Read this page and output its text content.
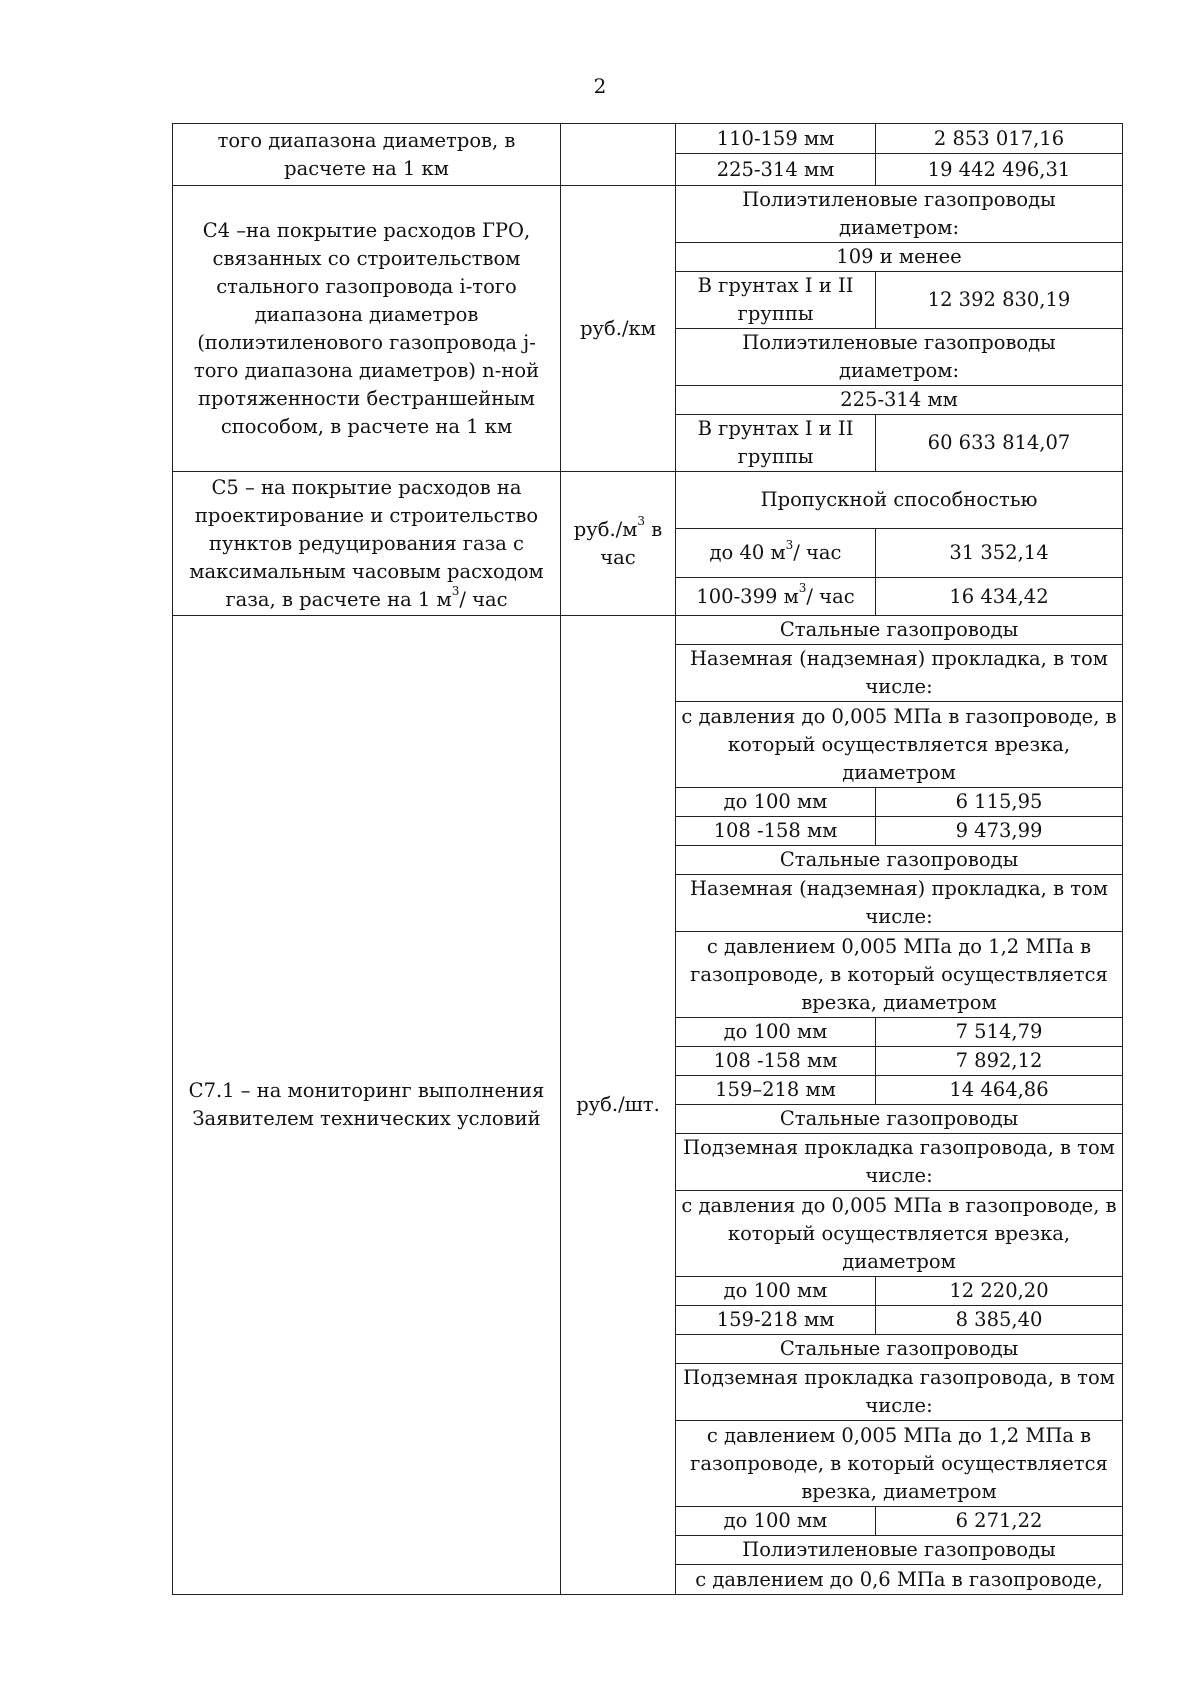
2
того диапазона диаметров, в расчете на 1 км		110-159 мм	2 853 017,16
		225-314 мм	19 442 496,31
С4 –на покрытие расходов ГРО, связанных со строительством стального газопровода i-того диапазона диаметров (полиэтиленового газопровода j-того диапазона диаметров) n-ной протяженности бестраншейным способом, в расчете на 1 км	руб./км	Полиэтиленовые газопроводы диаметром:	
		109 и менее	
		В грунтах I и II группы	12 392 830,19
		Полиэтиленовые газопроводы диаметром:	
		225-314 мм	
		В грунтах I и II группы	60 633 814,07
С5 – на покрытие расходов на проектирование и строительство пунктов редуцирования газа с максимальным часовым расходом газа, в расчете на 1 $м^3/$ час	$руб./м^3$ в час	Пропускной способностью	
		до 40 $м^3/$ час	31 352,14
		100-399 $м^3/$ час	16 434,42
С7.1 – на мониторинг выполнения Заявителем технических условий	руб./шт.	Стальные газопроводы	
		Наземная (надземная) прокладка, в том числе:	
		с давления до 0,005 МПа в газопроводе, в который осуществляется врезка, диаметром	
		до 100 мм	6 115,95
		108 -158 мм	9 473,99
		Стальные газопроводы	
		Наземная (надземная) прокладка, в том числе:	
		с давлением 0,005 МПа до 1,2 МПа в газопроводе, в который осуществляется врезка, диаметром	
		до 100 мм	7 514,79
		108 -158 мм	7 892,12
		159–218 мм	14 464,86
		Стальные газопроводы	
		Подземная прокладка газопровода, в том числе:	
		с давления до 0,005 МПа в газопроводе, в который осуществляется врезка, диаметром	
		до 100 мм	12 220,20
		159-218 мм	8 385,40
		Стальные газопроводы	
		Подземная прокладка газопровода, в том числе:	
		с давлением 0,005 МПа до 1,2 МПа в газопроводе, в который осуществляется врезка, диаметром	
		до 100 мм	6 271,22
		Полиэтиленовые газопроводы	
		с давлением до 0,6 МПа в газопроводе,	
